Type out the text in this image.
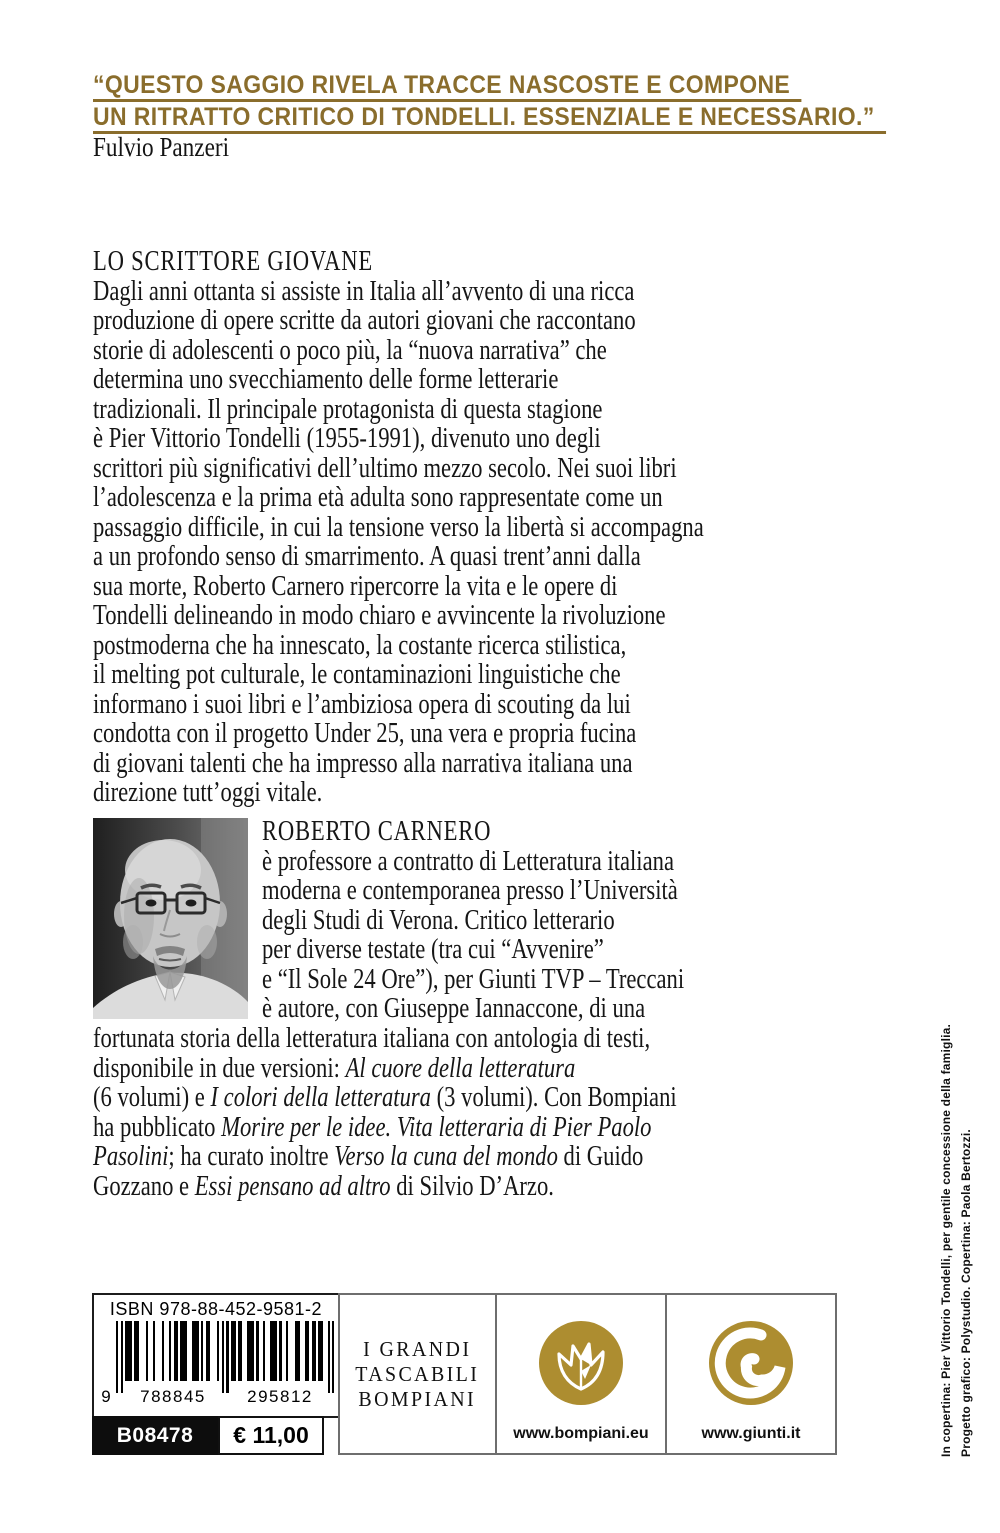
“QUESTO SAGGIO RIVELA TRACCE NASCOSTE E COMPONE
UN RITRATTO CRITICO DI TONDELLI. ESSENZIALE E NECESSARIO.”
Fulvio Panzeri
LO SCRITTORE GIOVANE
Dagli anni ottanta si assiste in Italia all’avvento di una ricca
produzione di opere scritte da autori giovani che raccontano
storie di adolescenti o poco più, la “nuova narrativa” che
determina uno svecchiamento delle forme letterarie
tradizionali. Il principale protagonista di questa stagione
è Pier Vittorio Tondelli (1955-1991), divenuto uno degli
scrittori più significativi dell’ultimo mezzo secolo. Nei suoi libri
l’adolescenza e la prima età adulta sono rappresentate come un
passaggio difficile, in cui la tensione verso la libertà si accompagna
a un profondo senso di smarrimento. A quasi trent’anni dalla
sua morte, Roberto Carnero ripercorre la vita e le opere di
Tondelli delineando in modo chiaro e avvincente la rivoluzione
postmoderna che ha innescato, la costante ricerca stilistica,
il melting pot culturale, le contaminazioni linguistiche che
informano i suoi libri e l’ambiziosa opera di scouting da lui
condotta con il progetto Under 25, una vera e propria fucina
di giovani talenti che ha impresso alla narrativa italiana una
direzione tutt’oggi vitale.
ROBERTO CARNERO
è professore a contratto di Letteratura italiana
moderna e contemporanea presso l’Università
degli Studi di Verona. Critico letterario
per diverse testate (tra cui “Avvenire”
e “Il Sole 24 Ore”), per Giunti TVP – Treccani
è autore, con Giuseppe Iannaccone, di una
fortunata storia della letteratura italiana con antologia di testi,
disponibile in due versioni: Al cuore della letteratura
(6 volumi) e I colori della letteratura (3 volumi). Con Bompiani
ha pubblicato Morire per le idee. Vita letteraria di Pier Paolo
Pasolini; ha curato inoltre Verso la cuna del mondo di Guido
Gozzano e Essi pensano ad altro di Silvio D’Arzo.
ISBN 978-88-452-9581-2
9	788845	295812
B08478	€ 11,00
I GRANDI
TASCABILI
BOMPIANI
www.bompiani.eu	www.giunti.it	In copertina: Pier Vittorio Tondelli, per gentile concessione della famiglia. Progetto grafico: Polystudio. Copertina: Paola Bertozzi.
